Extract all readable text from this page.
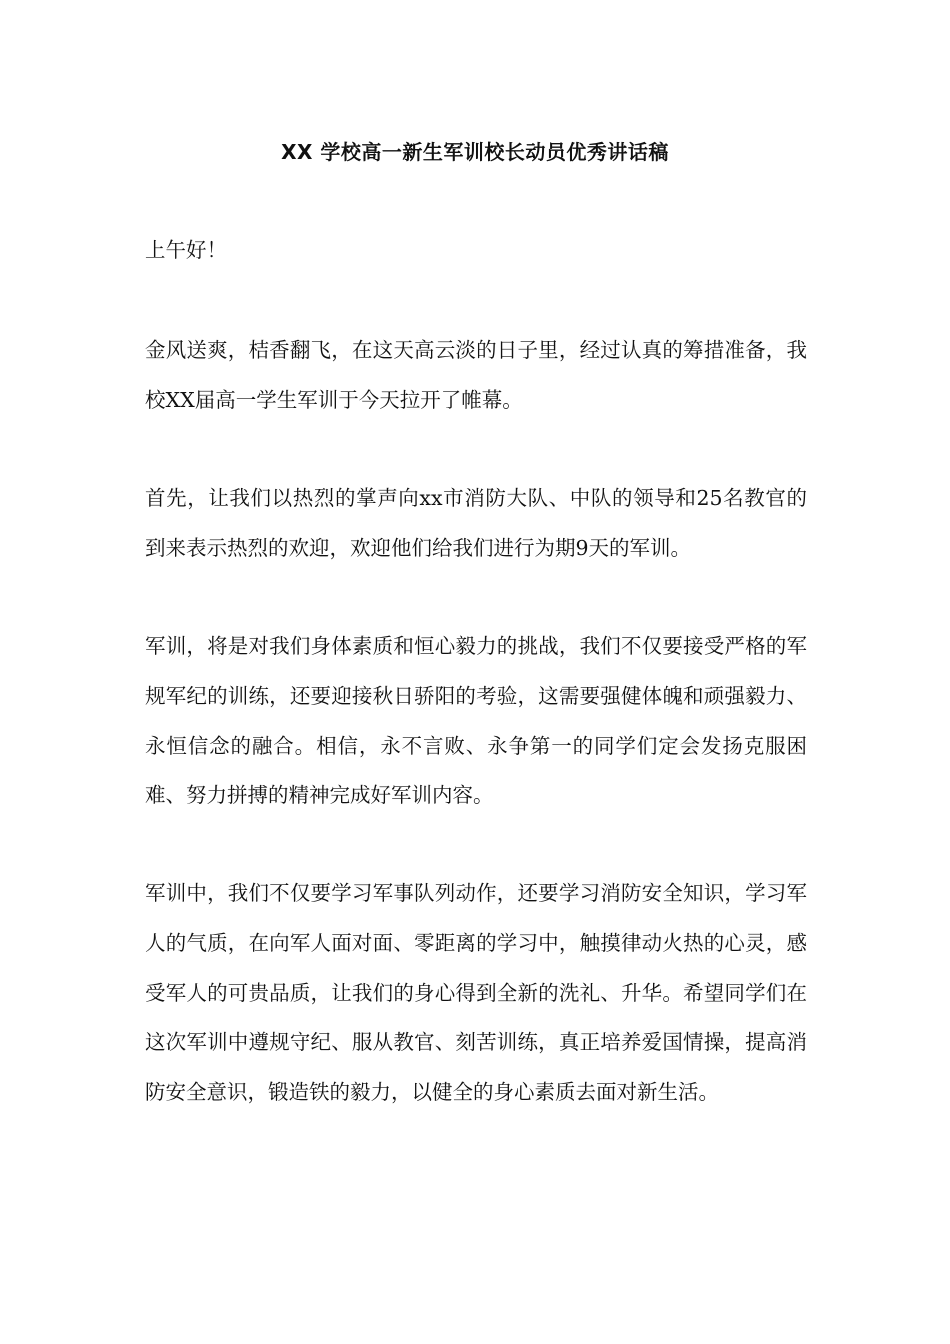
XX 学校高一新生军训校长动员优秀讲话稿

上午好！

金风送爽，桔香翻飞，在这天高云淡的日子里，经过认真的筹措准备，我校XX届高一学生军训于今天拉开了帷幕。

首先，让我们以热烈的掌声向xx市消防大队、中队的领导和25名教官的到来表示热烈的欢迎，欢迎他们给我们进行为期9天的军训。

军训，将是对我们身体素质和恒心毅力的挑战，我们不仅要接受严格的军规军纪的训练，还要迎接秋日骄阳的考验，这需要强健体魄和顽强毅力、永恒信念的融合。相信，永不言败、永争第一的同学们定会发扬克服困难、努力拼搏的精神完成好军训内容。

军训中，我们不仅要学习军事队列动作，还要学习消防安全知识，学习军人的气质，在向军人面对面、零距离的学习中，触摸律动火热的心灵，感受军人的可贵品质，让我们的身心得到全新的洗礼、升华。希望同学们在这次军训中遵规守纪、服从教官、刻苦训练，真正培养爱国情操，提高消防安全意识，锻造铁的毅力，以健全的身心素质去面对新生活。
